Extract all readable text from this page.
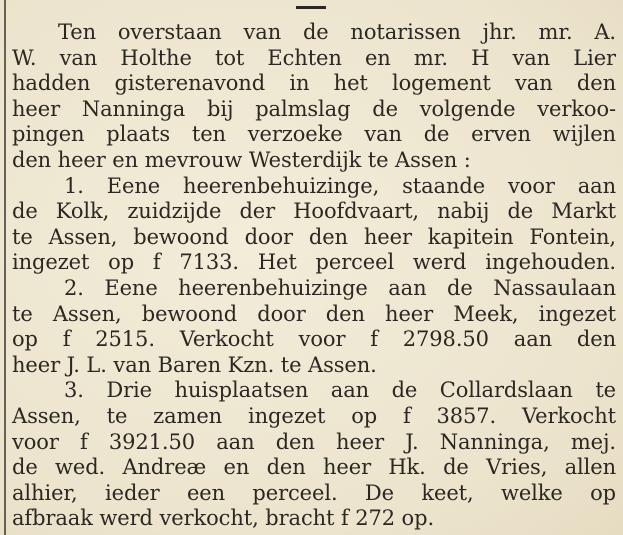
Ten overstaan van de notarissen jhr. mr. A.
W. van Holthe tot Echten en mr. H van Lier
hadden gisterenavond in het logement van den
heer Nanninga bij palmslag de volgende verkoo-
pingen plaats ten verzoeke van de erven wijlen
den heer en mevrouw Westerdijk te Assen :
1. Eene heerenbehuizinge, staande voor aan
de Kolk, zuidzijde der Hoofdvaart, nabij de Markt
te Assen, bewoond door den heer kapitein Fontein,
ingezet op f 7133. Het perceel werd ingehouden.
2. Eene heerenbehuizinge aan de Nassaulaan
te Assen, bewoond door den heer Meek, ingezet
op f 2515. Verkocht voor f 2798.50 aan den
heer J. L. van Baren Kzn. te Assen.
3. Drie huisplaatsen aan de Collardslaan te
Assen, te zamen ingezet op f 3857. Verkocht
voor f 3921.50 aan den heer J. Nanninga, mej.
de wed. Andreæ en den heer Hk. de Vries, allen
alhier, ieder een perceel. De keet, welke op
afbraak werd verkocht, bracht f 272 op.
